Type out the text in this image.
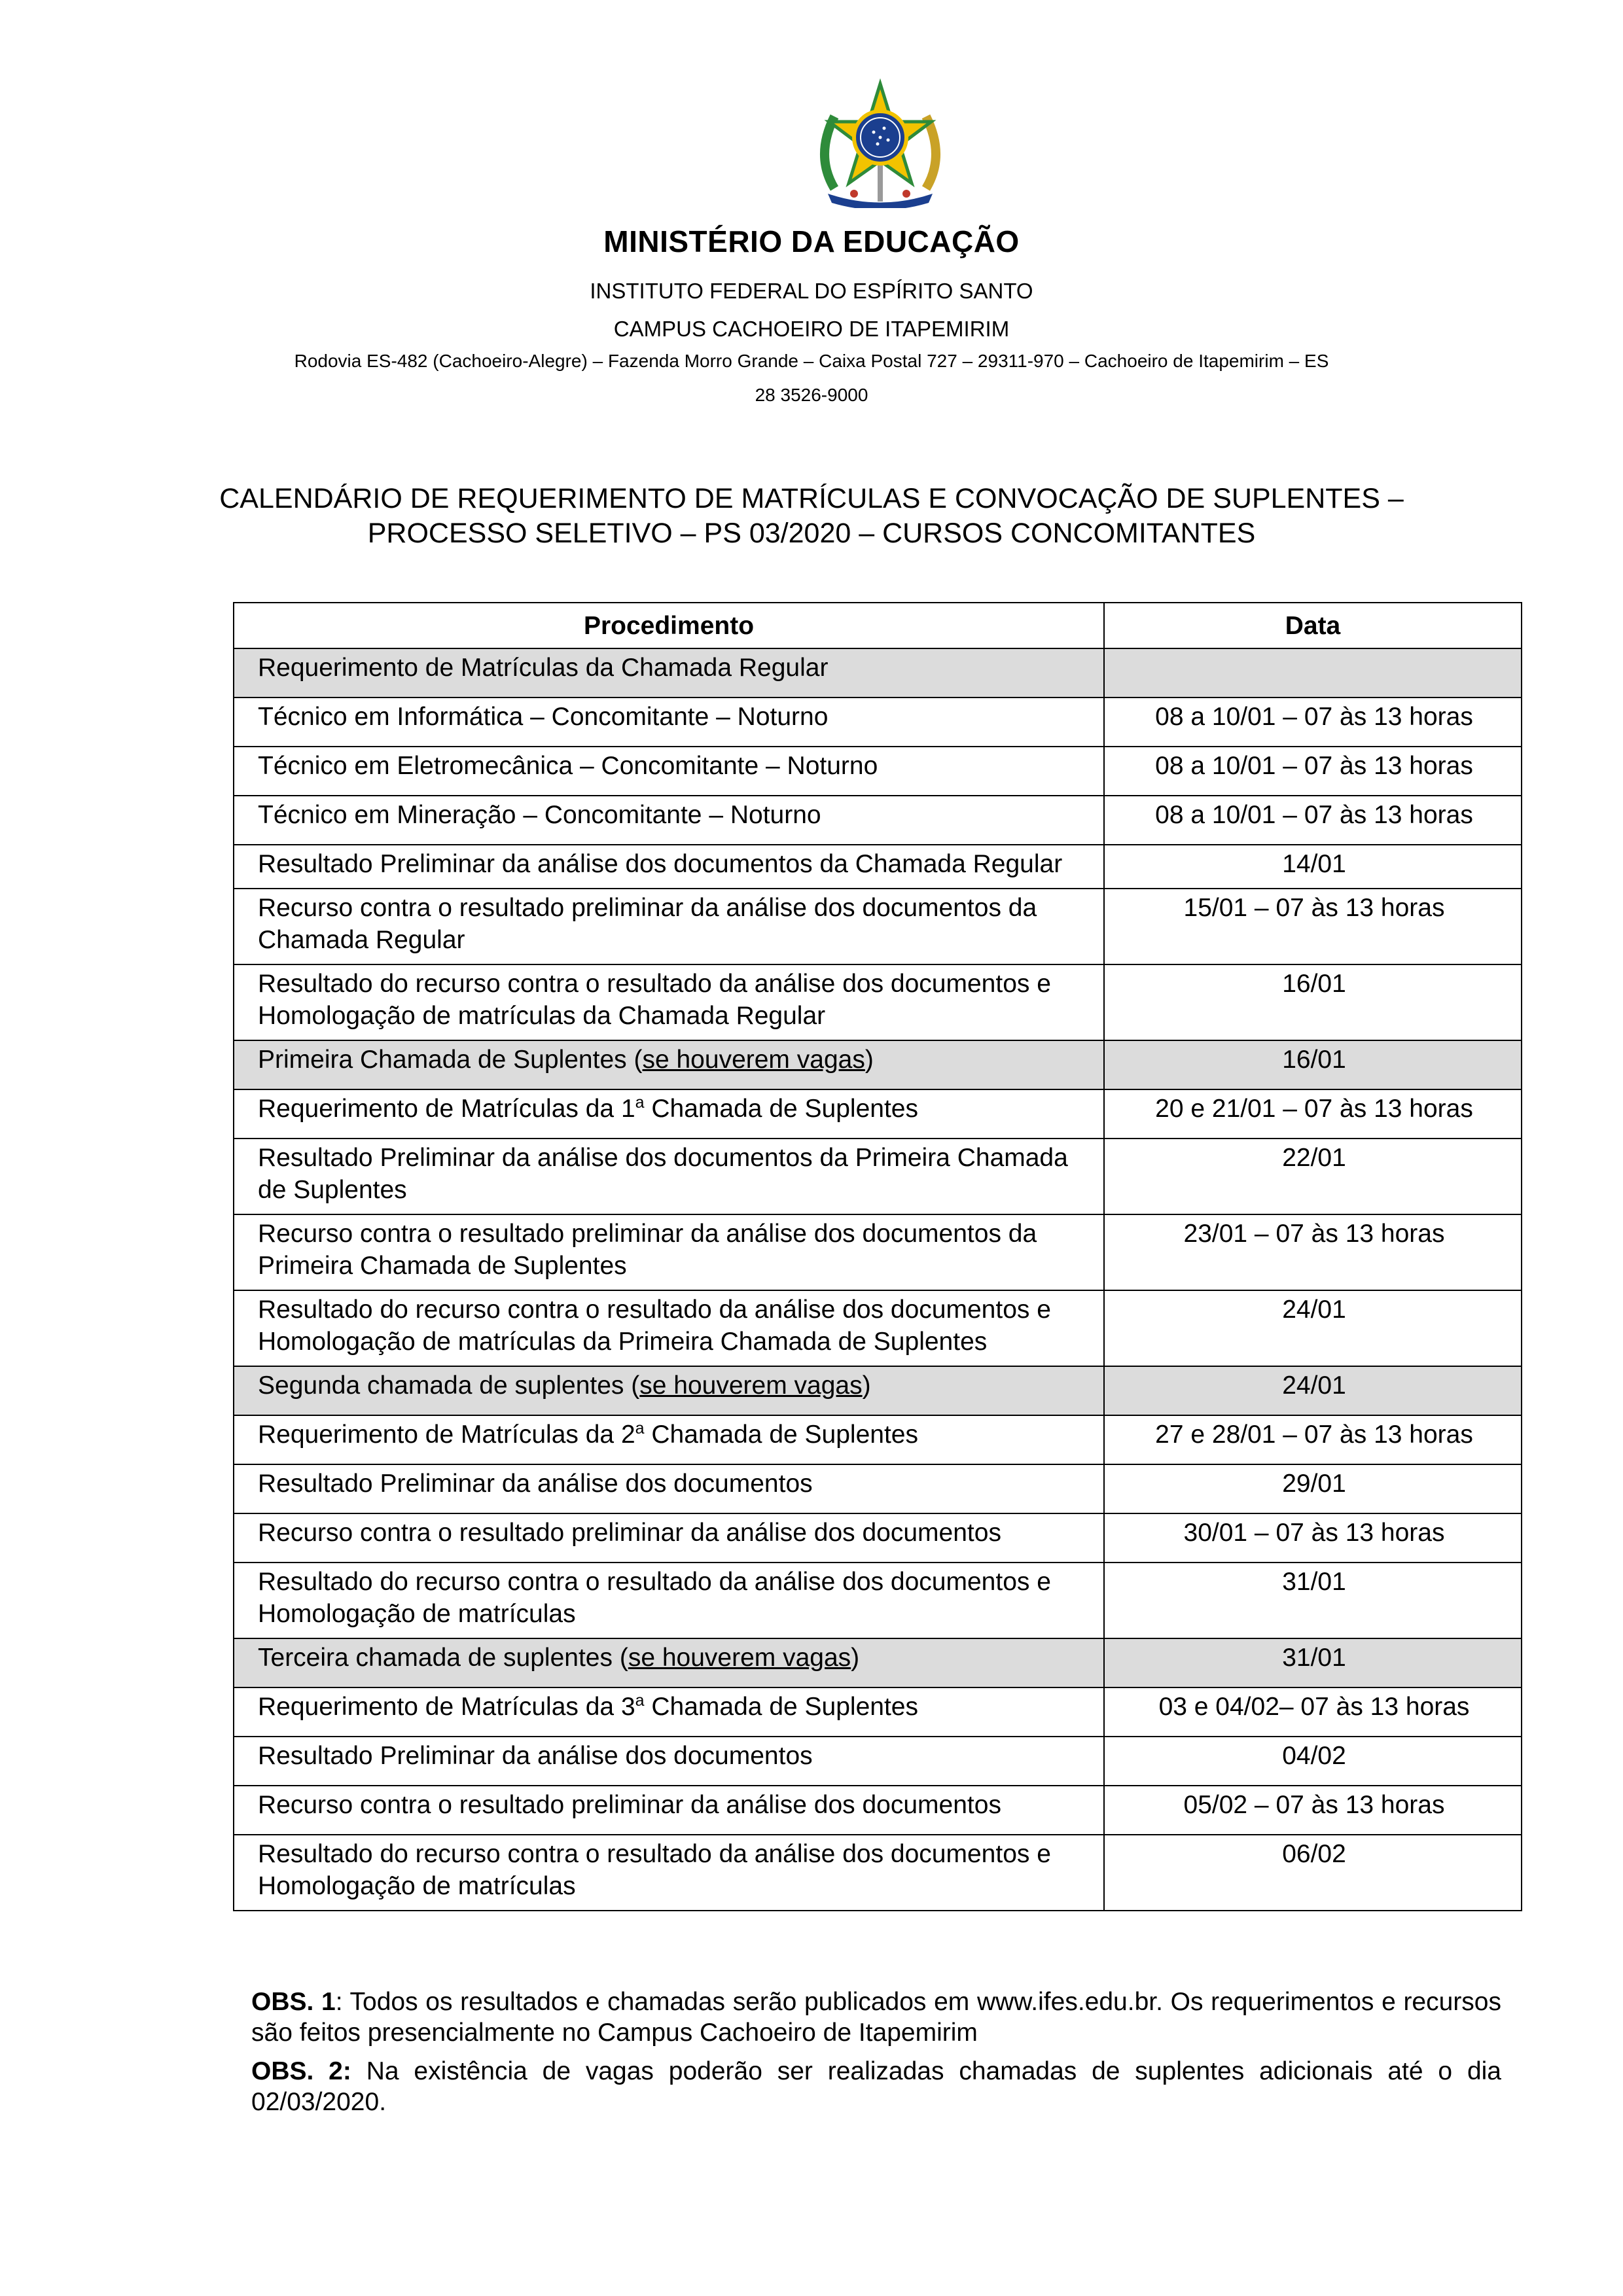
MINISTÉRIO DA EDUCAÇÃO
INSTITUTO FEDERAL DO ESPÍRITO SANTO
CAMPUS CACHOEIRO DE ITAPEMIRIM
Rodovia ES-482 (Cachoeiro-Alegre) – Fazenda Morro Grande – Caixa Postal 727 – 29311-970 – Cachoeiro de Itapemirim – ES
28 3526-9000
CALENDÁRIO DE REQUERIMENTO DE MATRÍCULAS E CONVOCAÇÃO DE SUPLENTES –
PROCESSO SELETIVO – PS 03/2020 – CURSOS CONCOMITANTES
Procedimento	Data
Requerimento de Matrículas da Chamada Regular	
Técnico em Informática – Concomitante – Noturno	08 a 10/01 – 07 às 13 horas
Técnico em Eletromecânica – Concomitante – Noturno	08 a 10/01 – 07 às 13 horas
Técnico em Mineração – Concomitante – Noturno	08 a 10/01 – 07 às 13 horas
Resultado Preliminar da análise dos documentos da Chamada Regular	14/01
Recurso contra o resultado preliminar da análise dos documentos da Chamada Regular	15/01 – 07 às 13 horas
Resultado do recurso contra o resultado da análise dos documentos e Homologação de matrículas da Chamada Regular	16/01
Primeira Chamada de Suplentes (se houverem vagas)	16/01
Requerimento de Matrículas da 1$^a$ Chamada de Suplentes	20 e 21/01 – 07 às 13 horas
Resultado Preliminar da análise dos documentos da Primeira Chamada de Suplentes	22/01
Recurso contra o resultado preliminar da análise dos documentos da Primeira Chamada de Suplentes	23/01 – 07 às 13 horas
Resultado do recurso contra o resultado da análise dos documentos e Homologação de matrículas da Primeira Chamada de Suplentes	24/01
Segunda chamada de suplentes (se houverem vagas)	24/01
Requerimento de Matrículas da 2$^a$ Chamada de Suplentes	27 e 28/01 – 07 às 13 horas
Resultado Preliminar da análise dos documentos	29/01
Recurso contra o resultado preliminar da análise dos documentos	30/01 – 07 às 13 horas
Resultado do recurso contra o resultado da análise dos documentos e Homologação de matrículas	31/01
Terceira chamada de suplentes (se houverem vagas)	31/01
Requerimento de Matrículas da 3$^a$ Chamada de Suplentes	03 e 04/02– 07 às 13 horas
Resultado Preliminar da análise dos documentos	04/02
Recurso contra o resultado preliminar da análise dos documentos	05/02 – 07 às 13 horas
Resultado do recurso contra o resultado da análise dos documentos e Homologação de matrículas	06/02
OBS. 1: Todos os resultados e chamadas serão publicados em www.ifes.edu.br. Os requerimentos e recursos são feitos presencialmente no Campus Cachoeiro de Itapemirim
OBS. 2: Na existência de vagas poderão ser realizadas chamadas de suplentes adicionais até o dia 02/03/2020.
